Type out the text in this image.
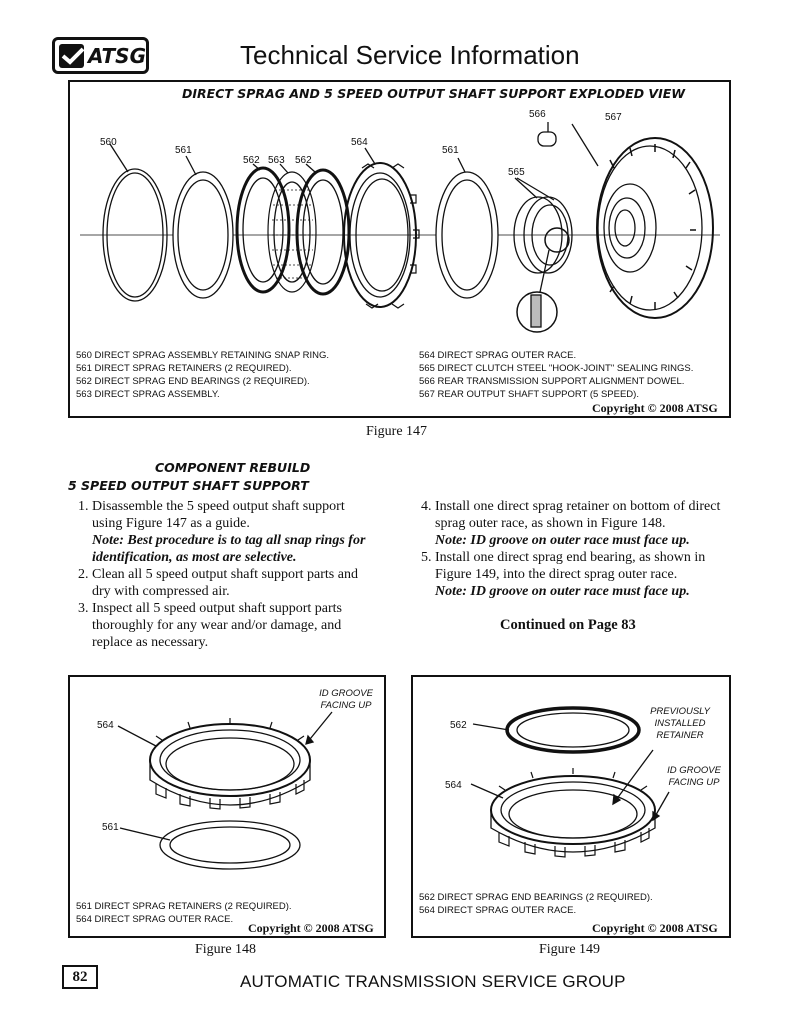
ATSG	Technical Service Information
DIRECT SPRAG AND 5 SPEED OUTPUT SHAFT SUPPORT EXPLODED VIEW
560
561
562 563 562
564
561
565
566	567
560 DIRECT SPRAG ASSEMBLY RETAINING SNAP RING.
561 DIRECT SPRAG RETAINERS (2 REQUIRED).
562 DIRECT SPRAG END BEARINGS (2 REQUIRED).
563 DIRECT SPRAG ASSEMBLY.
564 DIRECT SPRAG OUTER RACE.
565 DIRECT CLUTCH STEEL "HOOK-JOINT" SEALING RINGS.
566 REAR TRANSMISSION SUPPORT ALIGNMENT DOWEL.
567 REAR OUTPUT SHAFT SUPPORT (5 SPEED).
Copyright © 2008 ATSG
Figure 147
COMPONENT REBUILD
5 SPEED OUTPUT SHAFT SUPPORT
1. Disassemble the 5 speed output shaft support using Figure 147 as a guide.
Note: Best procedure is to tag all snap rings for identification, as most are selective.
2. Clean all 5 speed output shaft support parts and dry with compressed air.
3. Inspect all 5 speed output shaft support parts thoroughly for any wear and/or damage, and replace as necessary.
4. Install one direct sprag retainer on bottom of direct sprag outer race, as shown in Figure 148.
Note: ID groove on outer race must face up.
5. Install one direct sprag end bearing, as shown in Figure 149, into the direct sprag outer race.
Note: ID groove on outer race must face up.
Continued on Page 83
ID GROOVE FACING UP
564
561
561 DIRECT SPRAG RETAINERS (2 REQUIRED).
564 DIRECT SPRAG OUTER RACE.
Copyright © 2008 ATSG
Figure 148
PREVIOUSLY INSTALLED RETAINER
ID GROOVE FACING UP
562
564
562 DIRECT SPRAG END BEARINGS (2 REQUIRED).
564 DIRECT SPRAG OUTER RACE.
Copyright © 2008 ATSG
Figure 149
82	AUTOMATIC TRANSMISSION SERVICE GROUP
